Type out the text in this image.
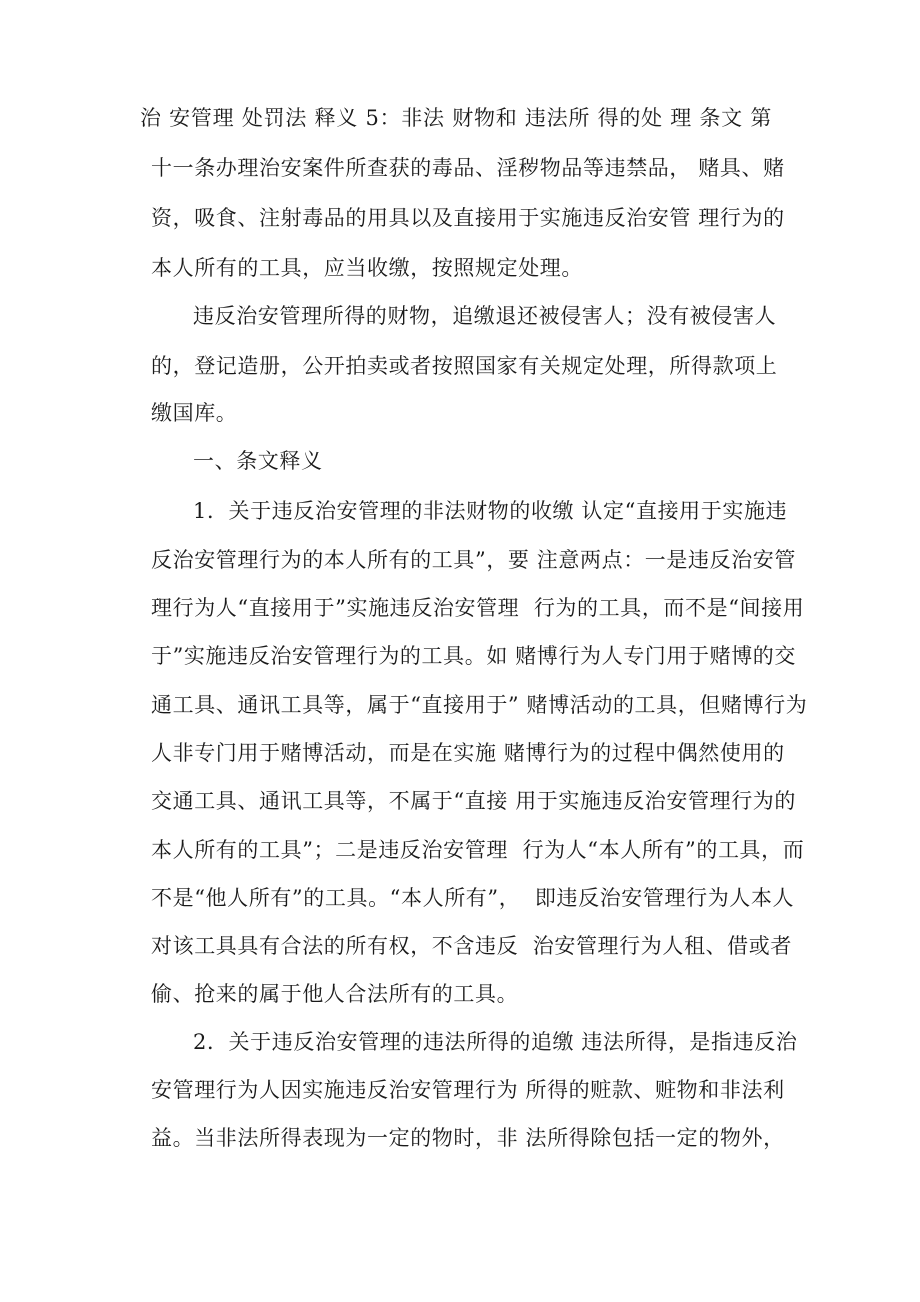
治 安管理 处罚法 释义 5：非法 财物和 违法所 得的处 理 条文 第
十一条办理治安案件所查获的毒品、淫秽物品等违禁品， 赌具、赌
资，吸食、注射毒品的用具以及直接用于实施违反治安管 理行为的
本人所有的工具，应当收缴，按照规定处理。
违反治安管理所得的财物，追缴退还被侵害人；没有被侵害人
的，登记造册，公开拍卖或者按照国家有关规定处理，所得款项上
缴国库。
一、条文释义
1．关于违反治安管理的非法财物的收缴 认定“直接用于实施违
反治安管理行为的本人所有的工具”，要 注意两点：一是违反治安管
理行为人“直接用于”实施违反治安管理  行为的工具，而不是“间接用
于”实施违反治安管理行为的工具。如 赌博行为人专门用于赌博的交
通工具、通讯工具等，属于“直接用于” 赌博活动的工具，但赌博行为
人非专门用于赌博活动，而是在实施 赌博行为的过程中偶然使用的
交通工具、通讯工具等，不属于“直接 用于实施违反治安管理行为的
本人所有的工具”；二是违反治安管理  行为人“本人所有”的工具，而
不是“他人所有”的工具。“本人所有”，  即违反治安管理行为人本人
对该工具具有合法的所有权，不含违反  治安管理行为人租、借或者
偷、抢来的属于他人合法所有的工具。
2．关于违反治安管理的违法所得的追缴 违法所得，是指违反治
安管理行为人因实施违反治安管理行为 所得的赃款、赃物和非法利
益。当非法所得表现为一定的物时，非 法所得除包括一定的物外，
